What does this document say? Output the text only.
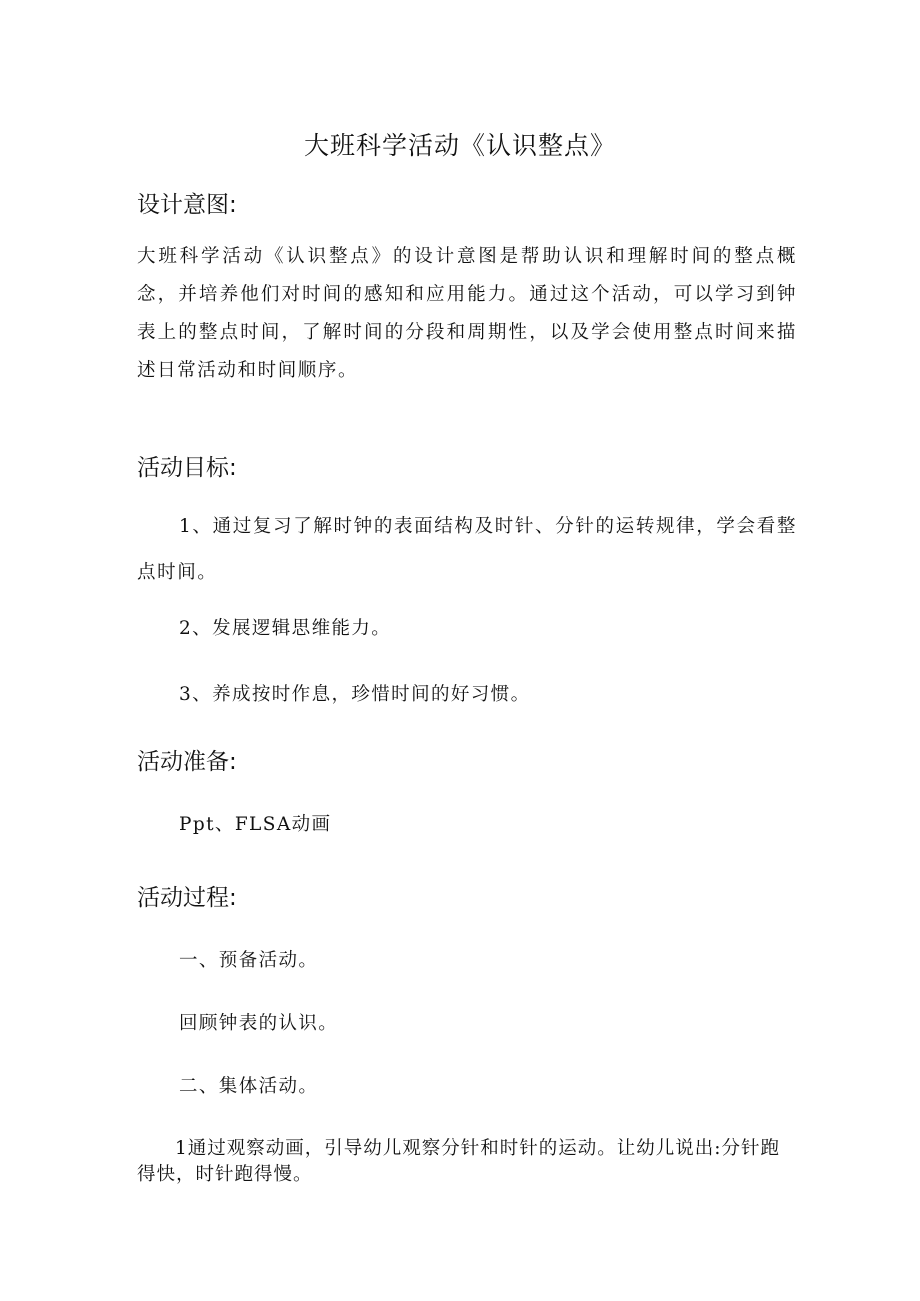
大班科学活动《认识整点》
设计意图:
大班科学活动《认识整点》的设计意图是帮助认识和理解时间的整点概念，并培养他们对时间的感知和应用能力。通过这个活动，可以学习到钟表上的整点时间，了解时间的分段和周期性，以及学会使用整点时间来描述日常活动和时间顺序。
活动目标:
1、通过复习了解时钟的表面结构及时针、分针的运转规律，学会看整点时间。
2、发展逻辑思维能力。
3、养成按时作息，珍惜时间的好习惯。
活动准备:
Ppt、FLSA动画
活动过程:
一、预备活动。
回顾钟表的认识。
二、集体活动。
1通过观察动画，引导幼儿观察分针和时针的运动。让幼儿说出:分针跑得快，时针跑得慢。
